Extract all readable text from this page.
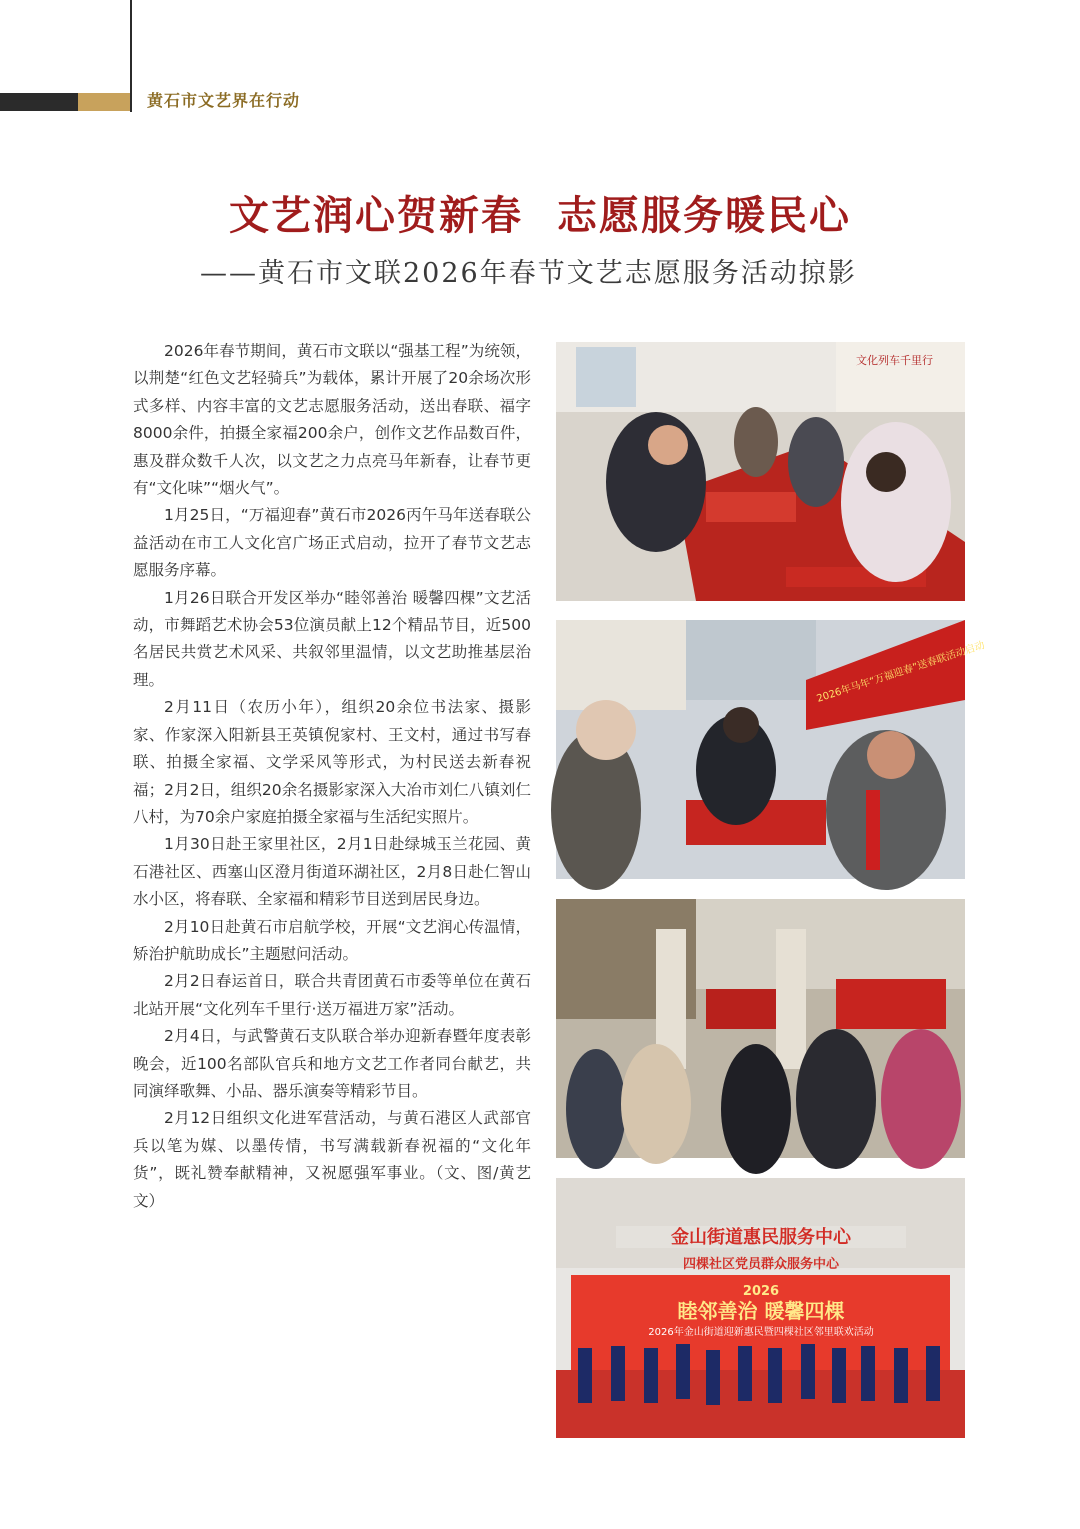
黄石市文艺界在行动
文艺润心贺新春 志愿服务暖民心
——黄石市文联2026年春节文艺志愿服务活动掠影

2026年春节期间，黄石市文联以“强基工程”为统领，以荆楚“红色文艺轻骑兵”为载体，累计开展了20余场次形式多样、内容丰富的文艺志愿服务活动，送出春联、福字8000余件，拍摄全家福200余户，创作文艺作品数百件，惠及群众数千人次，以文艺之力点亮马年新春，让春节更有“文化味”“烟火气”。

1月25日，“万福迎春”黄石市2026丙午马年送春联公益活动在市工人文化宫广场正式启动，拉开了春节文艺志愿服务序幕。

1月26日联合开发区举办“睦邻善治 暖馨四棵”文艺活动，市舞蹈艺术协会53位演员献上12个精品节目，近500名居民共赏艺术风采、共叙邻里温情，以文艺助推基层治理。

2月11日（农历小年），组织20余位书法家、摄影家、作家深入阳新县王英镇倪家村、王文村，通过书写春联、拍摄全家福、文学采风等形式，为村民送去新春祝福；2月2日，组织20余名摄影家深入大冶市刘仁八镇刘仁八村，为70余户家庭拍摄全家福与生活纪实照片。

1月30日赴王家里社区，2月1日赴绿城玉兰花园、黄石港社区、西塞山区澄月街道环湖社区，2月8日赴仁智山水小区，将春联、全家福和精彩节目送到居民身边。

2月10日赴黄石市启航学校，开展“文艺润心传温情，矫治护航助成长”主题慰问活动。

2月2日春运首日，联合共青团黄石市委等单位在黄石北站开展“文化列车千里行·送万福进万家”活动。

2月4日，与武警黄石支队联合举办迎新春暨年度表彰晚会，近100名部队官兵和地方文艺工作者同台献艺，共同演绎歌舞、小品、器乐演奏等精彩节目。

2月12日组织文化进军营活动，与黄石港区人武部官兵以笔为媒、以墨传情，书写满载新春祝福的“文化年货”，既礼赞奉献精神，又祝愿强军事业。（文、图/黄艺文）

文化列车千里行
2026年马年“万福迎春”送春联活动启动
金山街道惠民服务中心
四棵社区党员群众服务中心
2026
睦邻善治 暖馨四棵
2026年金山街道迎新惠民暨四棵社区邻里联欢活动
